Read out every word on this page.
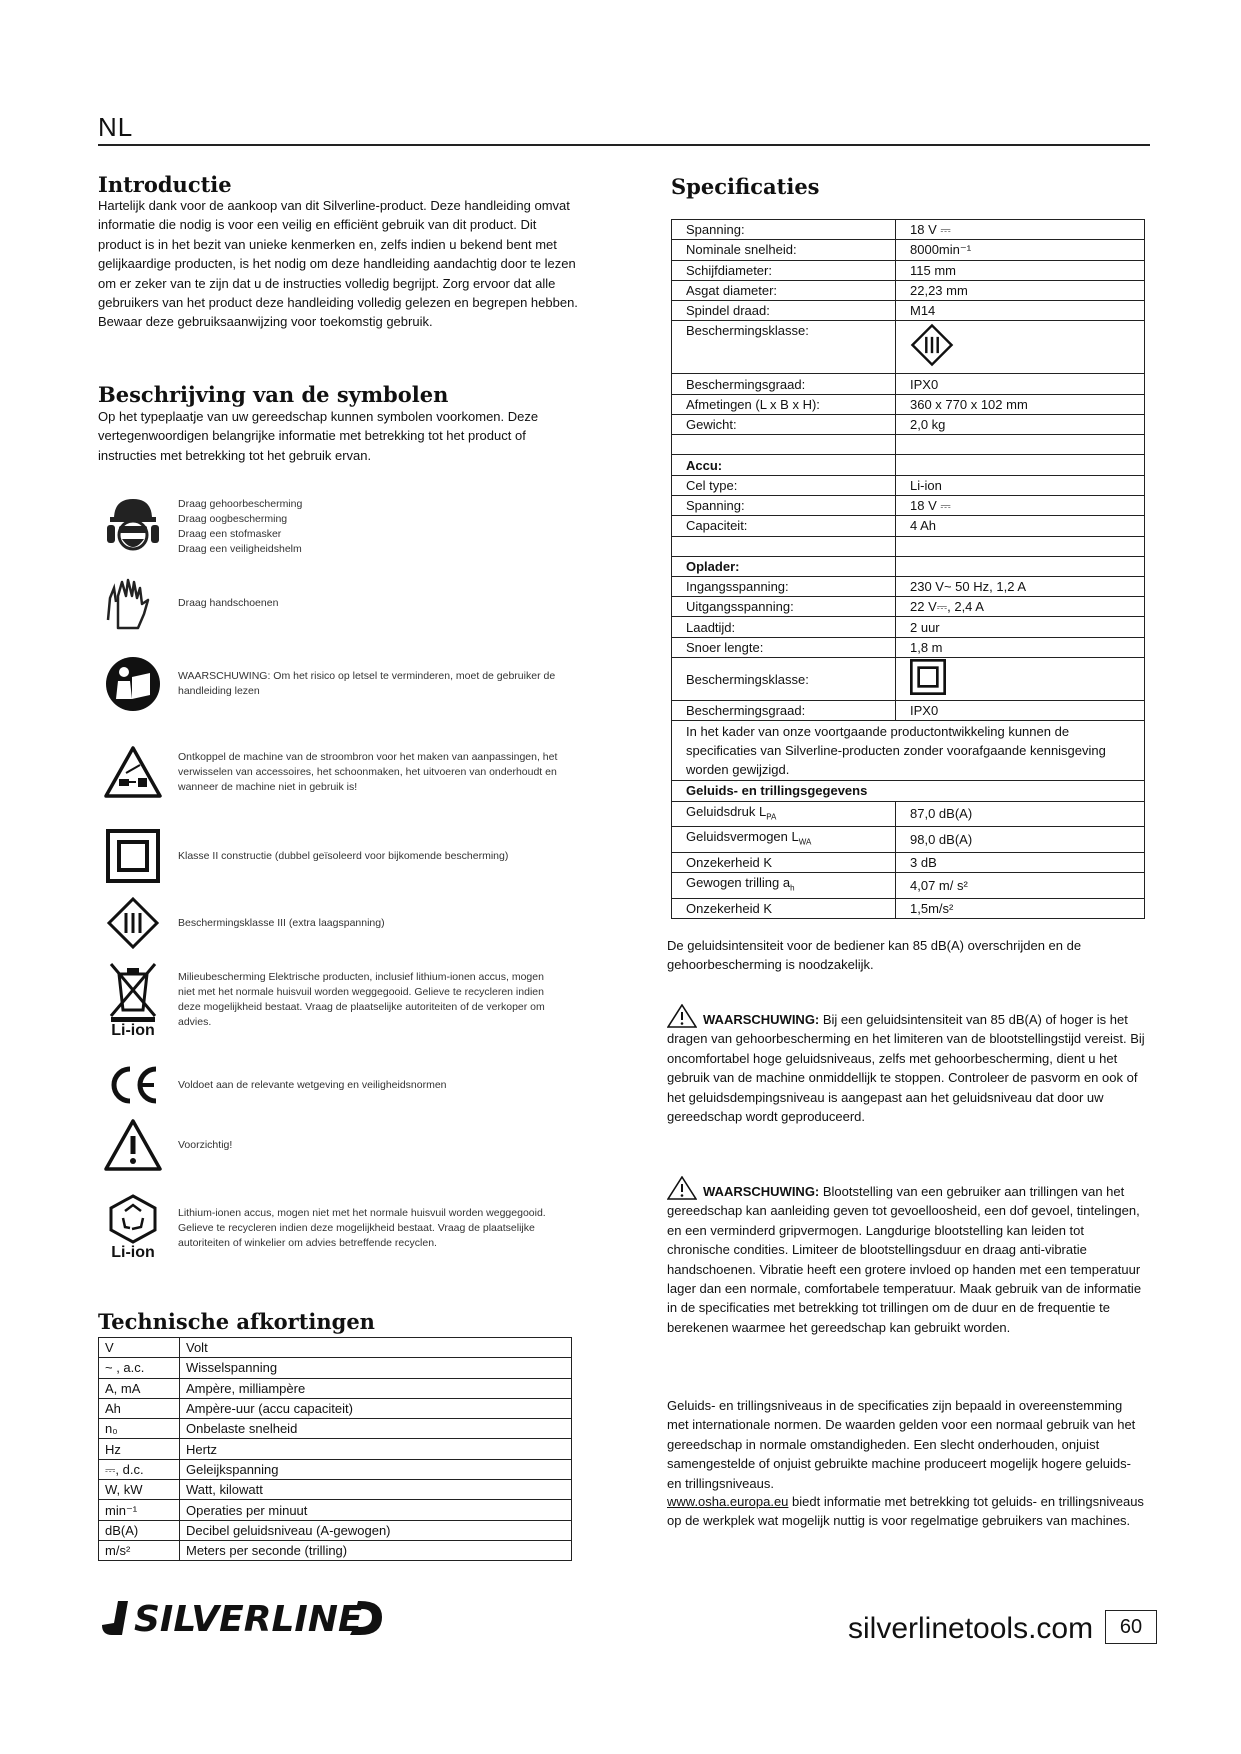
NL
Introductie
Hartelijk dank voor de aankoop van dit Silverline-product. Deze handleiding omvat informatie die nodig is voor een veilig en efficiënt gebruik van dit product. Dit product is in het bezit van unieke kenmerken en, zelfs indien u bekend bent met gelijkaardige producten, is het nodig om deze handleiding aandachtig door te lezen om er zeker van te zijn dat u de instructies volledig begrijpt. Zorg ervoor dat alle gebruikers van het product deze handleiding volledig gelezen en begrepen hebben. Bewaar deze gebruiksaanwijzing voor toekomstig gebruik.
Beschrijving van de symbolen
Op het typeplaatje van uw gereedschap kunnen symbolen voorkomen. Deze vertegenwoordigen belangrijke informatie met betrekking tot het product of instructies met betrekking tot het gebruik ervan.
Draag gehoorbescherming
Draag oogbescherming
Draag een stofmasker
Draag een veiligheidshelm
Draag handschoenen
WAARSCHUWING: Om het risico op letsel te verminderen, moet de gebruiker de handleiding lezen
Ontkoppel de machine van de stroombron voor het maken van aanpassingen, het verwisselen van accessoires, het schoonmaken, het uitvoeren van onderhoudt en wanneer de machine niet in gebruik is!
Klasse II constructie (dubbel geïsoleerd voor bijkomende bescherming)
Beschermingsklasse III (extra laagspanning)
Li-ion
Milieubescherming Elektrische producten, inclusief lithium-ionen accus, mogen niet met het normale huisvuil worden weggegooid. Gelieve te recycleren indien deze mogelijkheid bestaat. Vraag de plaatselijke autoriteiten of de verkoper om advies.
Voldoet aan de relevante wetgeving en veiligheidsnormen
Voorzichtig!
Li-ion
Lithium-ionen accus, mogen niet met het normale huisvuil worden weggegooid. Gelieve te recycleren indien deze mogelijkheid bestaat. Vraag de plaatselijke autoriteiten of winkelier om advies betreffende recyclen.
Technische afkortingen
V	Volt
~ , a.c.	Wisselspanning
A, mA	Ampère, milliampère
Ah	Ampère-uur (accu capaciteit)
n₀	Onbelaste snelheid
Hz	Hertz
⎓, d.c.	Geleijkspanning
W, kW	Watt, kilowatt
min⁻¹	Operaties per minuut
dB(A)	Decibel geluidsniveau (A-gewogen)
m/s²	Meters per seconde (trilling)
Specificaties
Spanning:	18 V ⎓
Nominale snelheid:	8000min⁻¹
Schijfdiameter:	115 mm
Asgat diameter:	22,23 mm
Spindel draad:	M14
Beschermingsklasse:	
Beschermingsgraad:	IPX0
Afmetingen (L x B x H):	360 x 770 x 102 mm
Gewicht:	2,0 kg

Accu:	
Cel type:	Li-ion
Spanning:	18 V ⎓
Capaciteit:	4 Ah

Oplader:	
Ingangsspanning:	230 V~ 50 Hz, 1,2 A
Uitgangsspanning:	22 V⎓, 2,4 A
Laadtijd:	2 uur
Snoer lengte:	1,8 m
Beschermingsklasse:	
Beschermingsgraad:	IPX0
In het kader van onze voortgaande productontwikkeling kunnen de specificaties van Silverline-producten zonder voorafgaande kennisgeving worden gewijzigd.	
Geluids- en trillingsgegevens	
Geluidsdruk $L_{PA}$	87,0 dB(A)
Geluidsvermogen $L_{WA}$	98,0 dB(A)
Onzekerheid K	3 dB
Gewogen trilling $a_h$	4,07 m/ s²
Onzekerheid K	1,5m/s²
De geluidsintensiteit voor de bediener kan 85 dB(A) overschrijden en de gehoorbescherming is noodzakelijk.
WAARSCHUWING: Bij een geluidsintensiteit van 85 dB(A) of hoger is het dragen van gehoorbescherming en het limiteren van de blootstellingstijd vereist. Bij oncomfortabel hoge geluidsniveaus, zelfs met gehoorbescherming, dient u het gebruik van de machine onmiddellijk te stoppen. Controleer de pasvorm en ook of het geluidsdempingsniveau is aangepast aan het geluidsniveau dat door uw gereedschap wordt geproduceerd.
WAARSCHUWING: Blootstelling van een gebruiker aan trillingen van het gereedschap kan aanleiding geven tot gevoelloosheid, een dof gevoel, tintelingen, en een verminderd gripvermogen. Langdurige blootstelling kan leiden tot chronische condities. Limiteer de blootstellingsduur en draag anti-vibratie handschoenen. Vibratie heeft een grotere invloed op handen met een temperatuur lager dan een normale, comfortabele temperatuur. Maak gebruik van de informatie in de specificaties met betrekking tot trillingen om de duur en de frequentie te berekenen waarmee het gereedschap kan gebruikt worden.
Geluids- en trillingsniveaus in de specificaties zijn bepaald in overeenstemming met internationale normen. De waarden gelden voor een normaal gebruik van het gereedschap in normale omstandigheden. Een slecht onderhouden, onjuist samengestelde of onjuist gebruikte machine produceert mogelijk hogere geluids- en trillingsniveaus.
www.osha.europa.eu biedt informatie met betrekking tot geluids- en trillingsniveaus op de werkplek wat mogelijk nuttig is voor regelmatige gebruikers van machines.
SILVERLINE	silverlinetools.com	60
